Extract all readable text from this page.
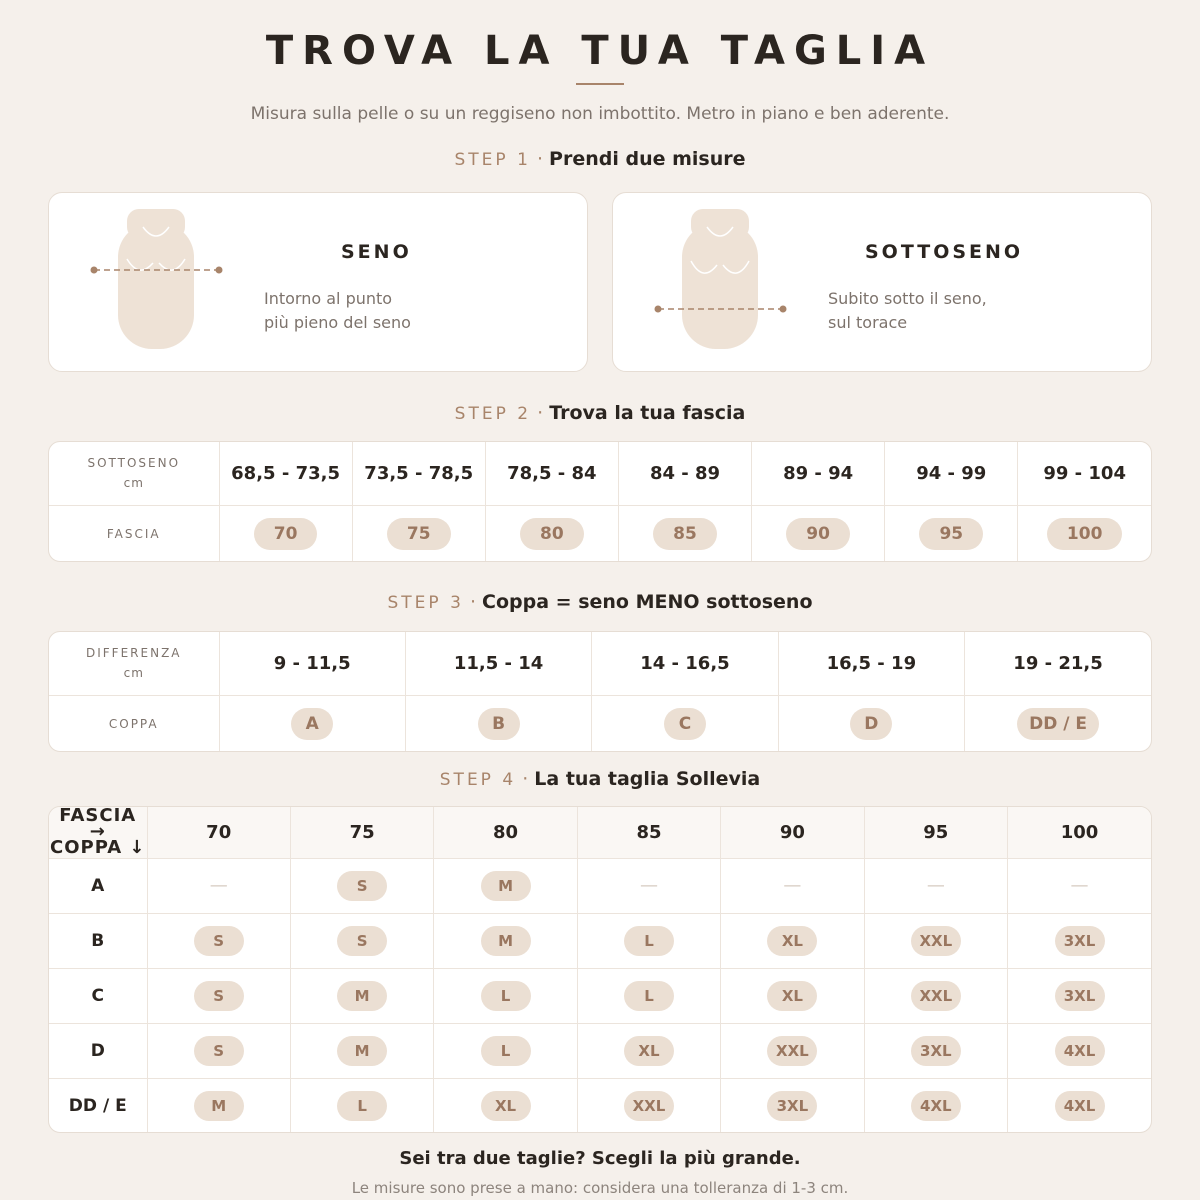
TROVA LA TUA TAGLIA
Misura sulla pelle o su un reggiseno non imbottito. Metro in piano e ben aderente.
STEP 1 · Prendi due misure
SENO
Intorno al punto
più pieno del seno
SOTTOSENO
Subito sotto il seno,
sul torace
STEP 2 · Trova la tua fascia
SOTTOSENO
cm	68,5 - 73,5	73,5 - 78,5	78,5 - 84	84 - 89	89 - 94	94 - 99	99 - 104
FASCIA	70	75	80	85	90	95	100
STEP 3 · Coppa = seno MENO sottoseno
DIFFERENZA
cm	9 - 11,5	11,5 - 14	14 - 16,5	16,5 - 19	19 - 21,5
COPPA	A	B	C	D	DD / E
STEP 4 · La tua taglia Sollevia
FASCIA →
COPPA ↓	70	75	80	85	90	95	100
A	—	S	M	—	—	—	—
B	S	S	M	L	XL	XXL	3XL
C	S	M	L	L	XL	XXL	3XL
D	S	M	L	XL	XXL	3XL	4XL
DD / E	M	L	XL	XXL	3XL	4XL	4XL
Sei tra due taglie? Scegli la più grande.
Le misure sono prese a mano: considera una tolleranza di 1-3 cm.
